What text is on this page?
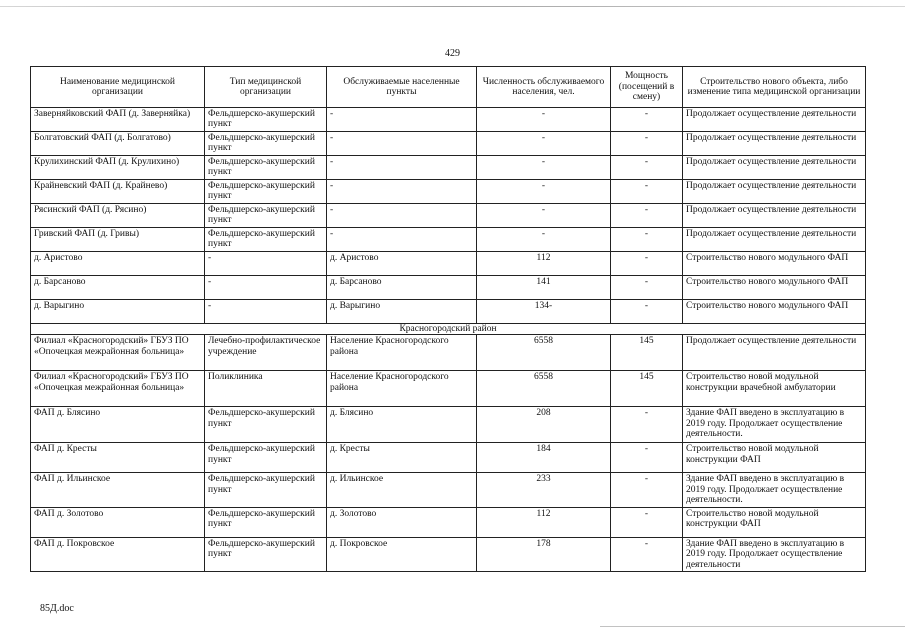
429
Наименование медицинской организации	Тип медицинской организации	Обслуживаемые населенные пункты	Численность обслуживаемого населения, чел.	Мощность (посещений в смену)	Строительство нового объекта, либо изменение типа медицинской организации
Заверняйковский ФАП (д. Заверняйка)	Фельдшерско-акушерский пункт	-	-	-	Продолжает осуществление деятельности
Болгатовский ФАП (д. Болгатово)	Фельдшерско-акушерский пункт	-	-	-	Продолжает осуществление деятельности
Крулихинский ФАП (д. Крулихино)	Фельдшерско-акушерский пункт	-	-	-	Продолжает осуществление деятельности
Крайневский ФАП (д. Крайнево)	Фельдшерско-акушерский пункт	-	-	-	Продолжает осуществление деятельности
Рясинский ФАП (д. Рясино)	Фельдшерско-акушерский пункт	-	-	-	Продолжает осуществление деятельности
Гривский ФАП (д. Гривы)	Фельдшерско-акушерский пункт	-	-	-	Продолжает осуществление деятельности
д. Аристово	-	д. Аристово	112	-	Строительство нового модульного ФАП
д. Барсаново	-	д. Барсаново	141	-	Строительство нового модульного ФАП
д. Варыгино	-	д. Варыгино	134-	-	Строительство нового модульного ФАП
Красногородский район					
Филиал «Красногородский» ГБУЗ ПО «Опочецкая межрайонная больница»	Лечебно-профилактическое учреждение	Население Красногородского района	6558	145	Продолжает осуществление деятельности
Филиал «Красногородский» ГБУЗ ПО «Опочецкая межрайонная больница»	Поликлиника	Население Красногородского района	6558	145	Строительство новой модульной конструкции врачебной амбулатории
ФАП д. Блясино	Фельдшерско-акушерский пункт	д. Блясино	208	-	Здание ФАП введено в эксплуатацию в 2019 году. Продолжает осуществление деятельности.
ФАП д. Кресты	Фельдшерско-акушерский пункт	д. Кресты	184	-	Строительство новой модульной конструкции ФАП
ФАП д. Ильинское	Фельдшерско-акушерский пункт	д. Ильинское	233	-	Здание ФАП введено в эксплуатацию в 2019 году. Продолжает осуществление деятельности.
ФАП д. Золотово	Фельдшерско-акушерский пункт	д. Золотово	112	-	Строительство новой модульной конструкции ФАП
ФАП д. Покровское	Фельдшерско-акушерский пункт	д. Покровское	178	-	Здание ФАП введено в эксплуатацию в 2019 году. Продолжает осуществление деятельности
85Д.doc
